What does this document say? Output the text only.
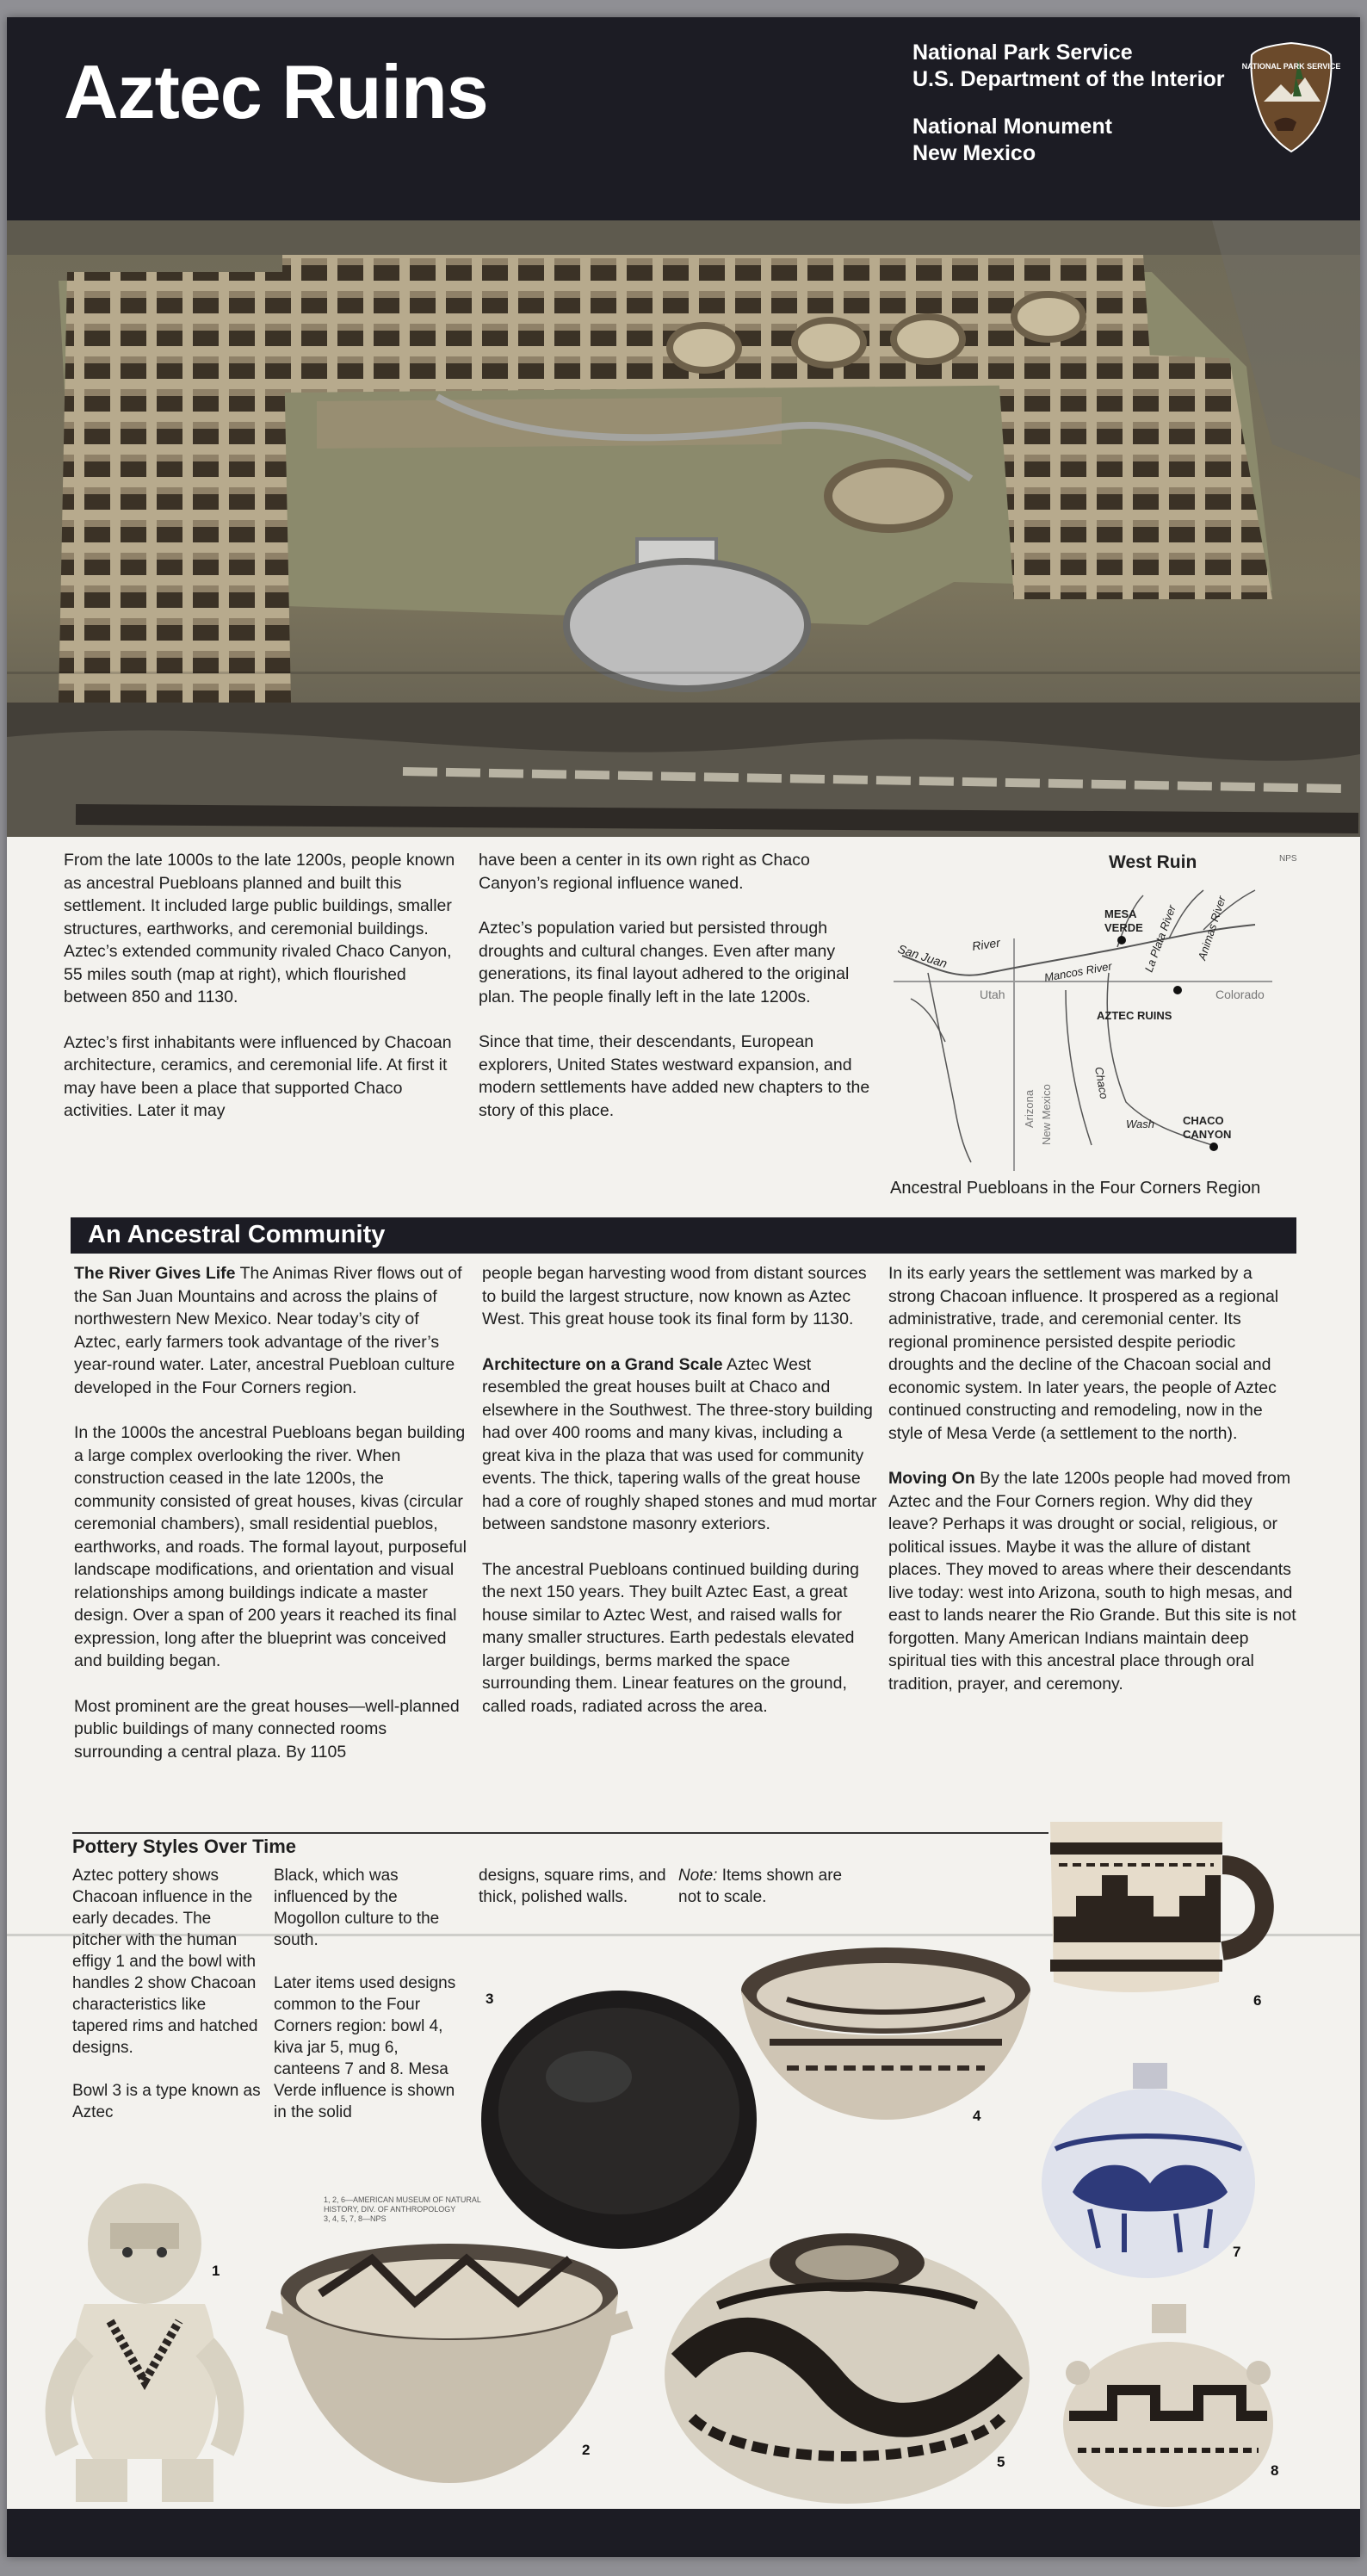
Aztec Ruins	National Park Service
U.S. Department of the Interior
National Monument
New Mexico
NATIONAL PARK SERVICE
West Ruin	NPS

From the late 1000s to the late 1200s, people known as ancestral Puebloans planned and built this settlement. It included large public buildings, smaller structures, earthworks, and ceremonial buildings. Aztec’s extended community rivaled Chaco Canyon, 55 miles south (map at right), which flourished between 850 and 1130.

Aztec’s first inhabitants were influenced by Chacoan architecture, ceramics, and ceremonial life. At first it may have been a place that supported Chaco activities. Later it may

have been a center in its own right as Chaco Canyon’s regional influence waned.

Aztec’s population varied but persisted through droughts and cultural changes. Even after many generations, its final layout adhered to the original plan. The people finally left in the late 1200s.

Since that time, their descendants, European explorers, United States westward expansion, and modern settlements have added new chapters to the story of this place.

San Juan River
Utah	Colorado
Arizona New Mexico
MESA
VERDE
Mancos River	La Plata River Animas River
AZTEC RUINS
Chaco
Wash	CHACO
CANYON
Ancestral Puebloans in the Four Corners Region
An Ancestral Community

The River Gives Life The Animas River flows out of the San Juan Mountains and across the plains of northwestern New Mexico. Near today’s city of Aztec, early farmers took advantage of the river’s year-round water. Later, ancestral Puebloan culture developed in the Four Corners region.

In the 1000s the ancestral Puebloans began building a large complex overlooking the river. When construction ceased in the late 1200s, the community consisted of great houses, kivas (circular ceremonial chambers), small residential pueblos, earthworks, and roads. The formal layout, purposeful landscape modifications, and orientation and visual relationships among buildings indicate a master design. Over a span of 200 years it reached its final expression, long after the blueprint was conceived and building began.

Most prominent are the great houses—well-planned public buildings of many connected rooms surrounding a central plaza. By 1105

people began harvesting wood from distant sources to build the largest structure, now known as Aztec West. This great house took its final form by 1130.

Architecture on a Grand Scale Aztec West resembled the great houses built at Chaco and elsewhere in the Southwest. The three-story building had over 400 rooms and many kivas, including a great kiva in the plaza that was used for community events. The thick, tapering walls of the great house had a core of roughly shaped stones and mud mortar between sandstone masonry exteriors.

The ancestral Puebloans continued building during the next 150 years. They built Aztec East, a great house similar to Aztec West, and raised walls for many smaller structures. Earth pedestals elevated larger buildings, berms marked the space surrounding them. Linear features on the ground, called roads, radiated across the area.

In its early years the settlement was marked by a strong Chacoan influence. It prospered as a regional administrative, trade, and ceremonial center. Its regional prominence persisted despite periodic droughts and the decline of the Chacoan social and economic system. In later years, the people of Aztec continued constructing and remodeling, now in the style of Mesa Verde (a settlement to the north).

Moving On By the late 1200s people had moved from Aztec and the Four Corners region. Why did they leave? Perhaps it was drought or social, religious, or political issues. Maybe it was the allure of distant places. They moved to areas where their descendants live today: west into Arizona, south to high mesas, and east to lands nearer the Rio Grande. But this site is not forgotten. Many American Indians maintain deep spiritual ties with this ancestral place through oral tradition, prayer, and ceremony.

Pottery Styles Over Time

Aztec pottery shows Chacoan influence in the early decades. The pitcher with the human effigy 1 and the bowl with handles 2 show Chacoan characteristics like tapered rims and hatched designs.

Bowl 3 is a type known as Aztec

Black, which was influenced by the Mogollon culture to the south.

Later items used designs common to the Four Corners region: bowl 4, kiva jar 5, mug 6, canteens 7 and 8. Mesa Verde influence is shown in the solid

designs, square rims, and thick, polished walls.

Note: Items shown are not to scale.
1, 2, 6—AMERICAN MUSEUM OF NATURAL HISTORY, DIV. OF ANTHROPOLOGY
3, 4, 5, 7, 8—NPS
6
4
3
7
1
2
5
8
